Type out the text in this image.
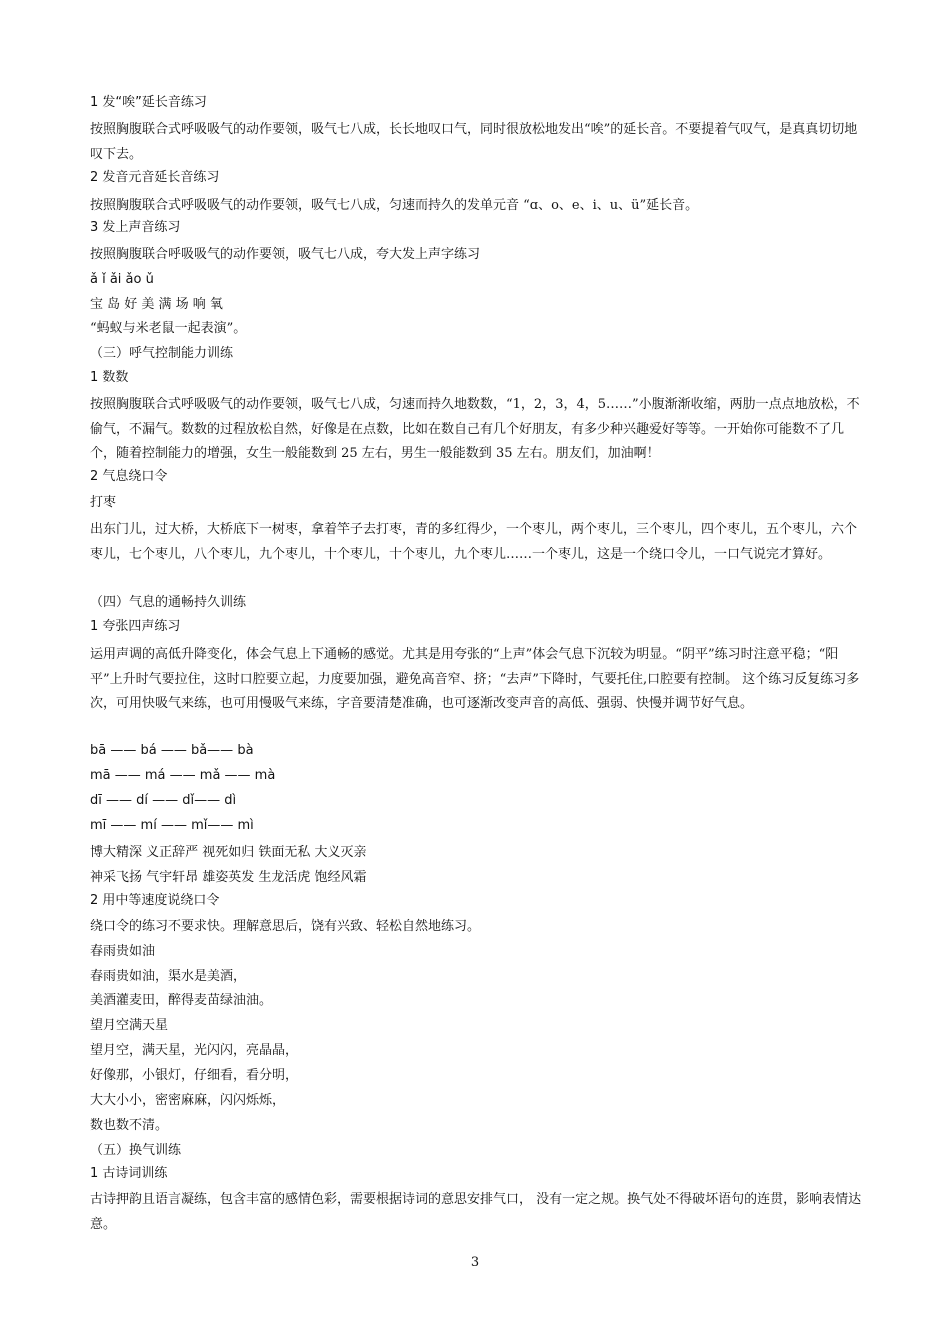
1 发“唉”延长音练习
按照胸腹联合式呼吸吸气的动作要领，吸气七八成，长长地叹口气，同时很放松地发出“唉”的延长音。不要提着气叹气，是真真切切地叹下去。
2 发音元音延长音练习
按照胸腹联合式呼吸吸气的动作要领，吸气七八成，匀速而持久的发单元音 “ɑ、o、e、i、u、ü”延长音。
3 发上声音练习
按照胸腹联合呼吸吸气的动作要领，吸气七八成，夸大发上声字练习
ǎ ǐ ǎi ǎo ǔ
宝 岛 好 美 满 场 响 氧
“蚂蚁与米老鼠一起表演”。
（三）呼气控制能力训练
1 数数
按照胸腹联合式呼吸吸气的动作要领，吸气七八成，匀速而持久地数数，“1，2，3，4，5……”小腹渐渐收缩，两肋一点点地放松，不偷气，不漏气。数数的过程放松自然，好像是在点数，比如在数自己有几个好朋友，有多少种兴趣爱好等等。一开始你可能数不了几个，随着控制能力的增强，女生一般能数到 25 左右，男生一般能数到 35 左右。朋友们，加油啊！
2 气息绕口令
打枣
出东门儿，过大桥，大桥底下一树枣，拿着竿子去打枣，青的多红得少，一个枣儿，两个枣儿，三个枣儿，四个枣儿，五个枣儿，六个枣儿，七个枣儿，八个枣儿，九个枣儿，十个枣儿，十个枣儿，九个枣儿……一个枣儿，这是一个绕口令儿，一口气说完才算好。
（四）气息的通畅持久训练
1 夸张四声练习
运用声调的高低升降变化，体会气息上下通畅的感觉。尤其是用夸张的“上声”体会气息下沉较为明显。“阴平”练习时注意平稳；“阳平”上升时气要拉住，这时口腔要立起，力度要加强，避免高音窄、挤；“去声”下降时，气要托住,口腔要有控制。 这个练习反复练习多次，可用快吸气来练，也可用慢吸气来练，字音要清楚准确，也可逐渐改变声音的高低、强弱、快慢并调节好气息。
bā —— bá —— bǎ—— bà
mā —— má —— mǎ —— mà
dī —— dí —— dǐ—— dì
mī —— mí —— mǐ—— mì
博大精深 义正辞严 视死如归 铁面无私 大义灭亲
神采飞扬 气宇轩昂 雄姿英发 生龙活虎 饱经风霜
2 用中等速度说绕口令
绕口令的练习不要求快。理解意思后，饶有兴致、轻松自然地练习。
春雨贵如油
春雨贵如油，渠水是美酒，
美酒灌麦田，醉得麦苗绿油油。
望月空满天星
望月空，满天星，光闪闪，亮晶晶，
好像那，小银灯，仔细看，看分明，
大大小小，密密麻麻，闪闪烁烁，
数也数不清。
（五）换气训练
1 古诗词训练
古诗押韵且语言凝练，包含丰富的感情色彩，需要根据诗词的意思安排气口， 没有一定之规。换气处不得破坏语句的连贯，影响表情达意。
3
